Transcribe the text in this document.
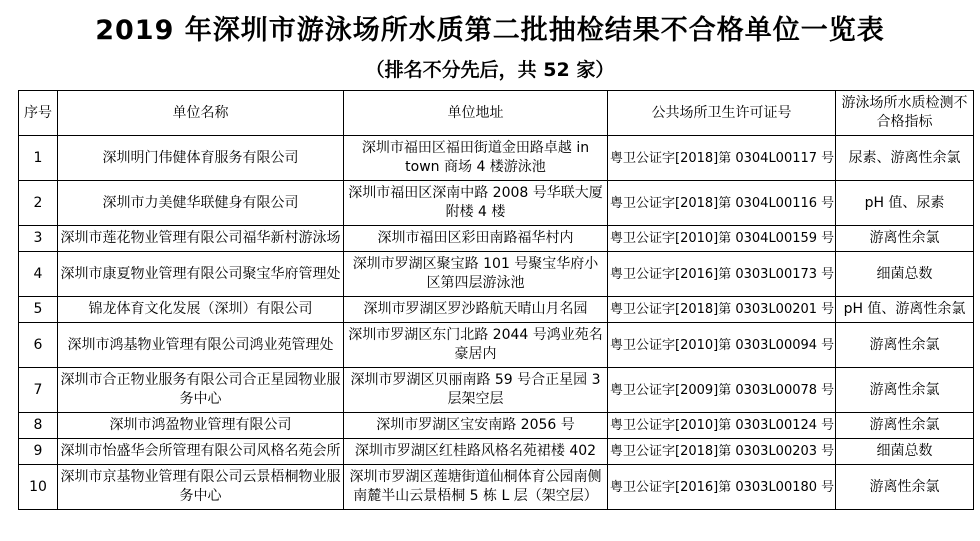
2019 年深圳市游泳场所水质第二批抽检结果不合格单位一览表
（排名不分先后，共 52 家）
序号	单位名称	单位地址	公共场所卫生许可证号	游泳场所水质检测不合格指标
1	深圳明门伟健体育服务有限公司	深圳市福田区福田街道金田路卓越 in town 商场 4 楼游泳池	粤卫公证字[2018]第 0304L00117 号	尿素、游离性余氯
2	深圳市力美健华联健身有限公司	深圳市福田区深南中路 2008 号华联大厦附楼 4 楼	粤卫公证字[2018]第 0304L00116 号	pH 值、尿素
3	深圳市莲花物业管理有限公司福华新村游泳场	深圳市福田区彩田南路福华村内	粤卫公证字[2010]第 0304L00159 号	游离性余氯
4	深圳市康夏物业管理有限公司聚宝华府管理处	深圳市罗湖区聚宝路 101 号聚宝华府小区第四层游泳池	粤卫公证字[2016]第 0303L00173 号	细菌总数
5	锦龙体育文化发展（深圳）有限公司	深圳市罗湖区罗沙路航天晴山月名园	粤卫公证字[2018]第 0303L00201 号	pH 值、游离性余氯
6	深圳市鸿基物业管理有限公司鸿业苑管理处	深圳市罗湖区东门北路 2044 号鸿业苑名豪居内	粤卫公证字[2010]第 0303L00094 号	游离性余氯
7	深圳市合正物业服务有限公司合正星园物业服务中心	深圳市罗湖区贝丽南路 59 号合正星园 3 层架空层	粤卫公证字[2009]第 0303L00078 号	游离性余氯
8	深圳市鸿盈物业管理有限公司	深圳市罗湖区宝安南路 2056 号	粤卫公证字[2010]第 0303L00124 号	游离性余氯
9	深圳市怡盛华会所管理有限公司风格名苑会所	深圳市罗湖区红桂路风格名苑裙楼 402	粤卫公证字[2018]第 0303L00203 号	细菌总数
10	深圳市京基物业管理有限公司云景梧桐物业服务中心	深圳市罗湖区莲塘街道仙桐体育公园南侧南麓半山云景梧桐 5 栋 L 层（架空层）	粤卫公证字[2016]第 0303L00180 号	游离性余氯
